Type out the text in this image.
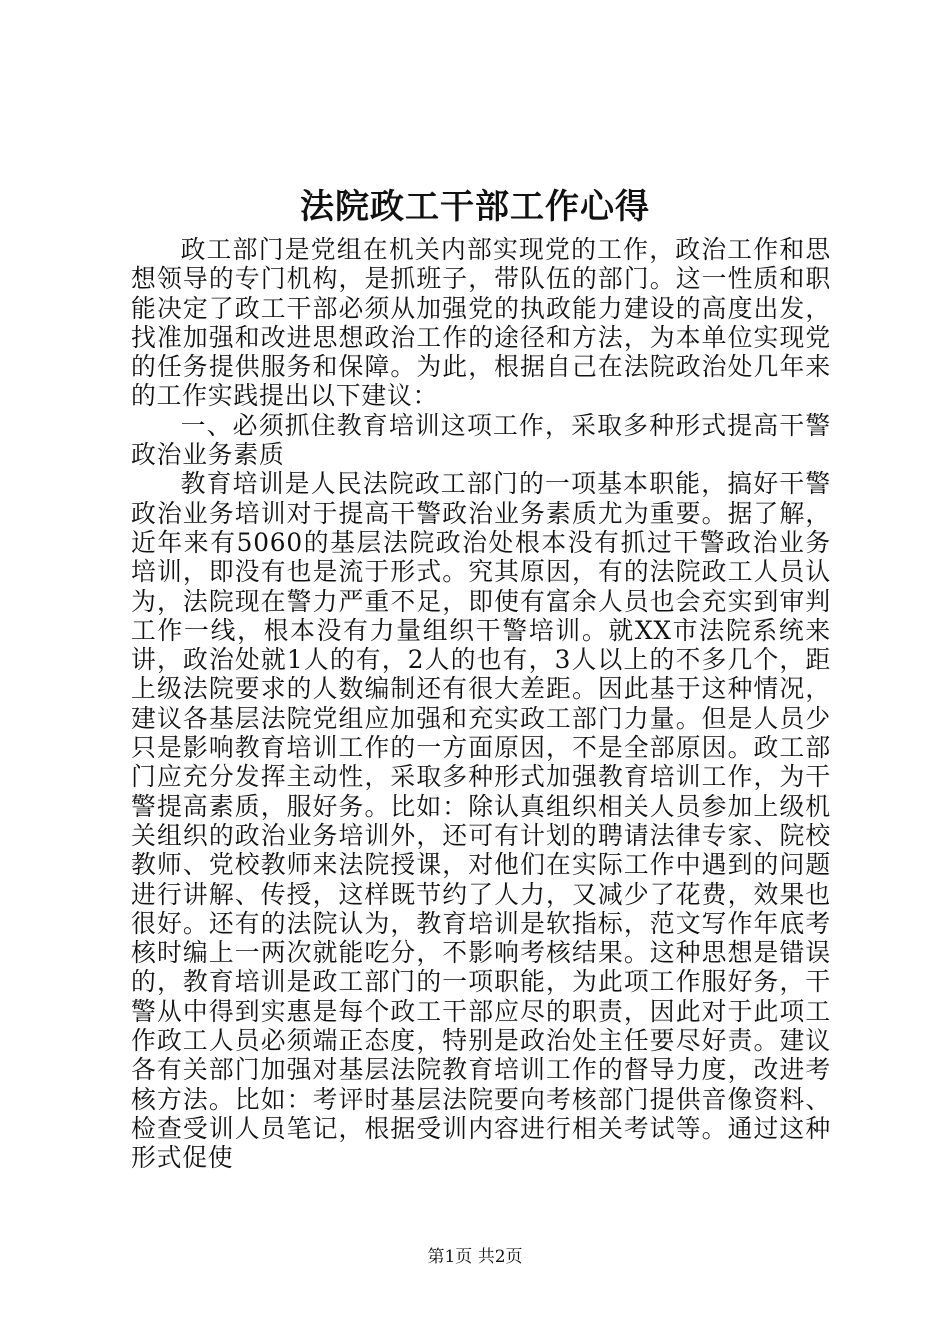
法院政工干部工作心得

政工部门是党组在机关内部实现党的工作，政治工作和思想领导的专门机构，是抓班子，带队伍的部门。这一性质和职能决定了政工干部必须从加强党的执政能力建设的高度出发，找准加强和改进思想政治工作的途径和方法，为本单位实现党的任务提供服务和保障。为此，根据自己在法院政治处几年来的工作实践提出以下建议：

一、必须抓住教育培训这项工作，采取多种形式提高干警政治业务素质

教育培训是人民法院政工部门的一项基本职能，搞好干警政治业务培训对于提高干警政治业务素质尤为重要。据了解，近年来有5060的基层法院政治处根本没有抓过干警政治业务培训，即没有也是流于形式。究其原因，有的法院政工人员认为，法院现在警力严重不足，即使有富余人员也会充实到审判工作一线，根本没有力量组织干警培训。就XX市法院系统来讲，政治处就1人的有，2人的也有，3人以上的不多几个，距上级法院要求的人数编制还有很大差距。因此基于这种情况，建议各基层法院党组应加强和充实政工部门力量。但是人员少只是影响教育培训工作的一方面原因，不是全部原因。政工部门应充分发挥主动性，采取多种形式加强教育培训工作，为干警提高素质，服好务。比如：除认真组织相关人员参加上级机关组织的政治业务培训外，还可有计划的聘请法律专家、院校教师、党校教师来法院授课，对他们在实际工作中遇到的问题进行讲解、传授，这样既节约了人力，又减少了花费，效果也很好。还有的法院认为，教育培训是软指标，范文写作年底考核时编上一两次就能吃分，不影响考核结果。这种思想是错误的，教育培训是政工部门的一项职能，为此项工作服好务，干警从中得到实惠是每个政工干部应尽的职责，因此对于此项工作政工人员必须端正态度，特别是政治处主任要尽好责。建议各有关部门加强对基层法院教育培训工作的督导力度，改进考核方法。比如：考评时基层法院要向考核部门提供音像资料、检查受训人员笔记，根据受训内容进行相关考试等。通过这种形式促使

第1页 共2页
